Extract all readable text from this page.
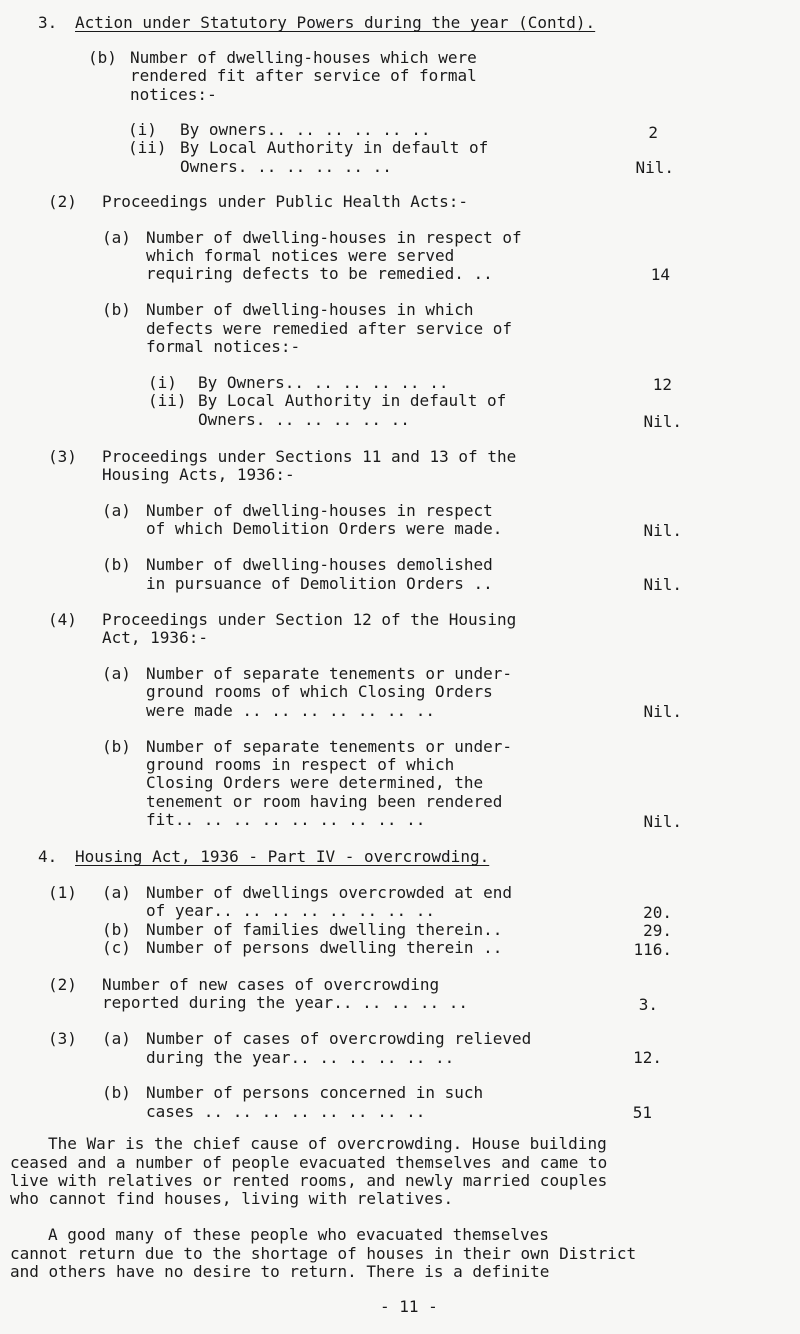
3. Action under Statutory Powers during the year (Contd).
(b) Number of dwelling-houses which were
rendered fit after service of formal
notices:-
(i) By owners.. .. .. .. .. ..	2
(ii) By Local Authority in default of
Owners. .. .. .. .. ..	Nil.
(2) Proceedings under Public Health Acts:-
(a) Number of dwelling-houses in respect of
which formal notices were served
requiring defects to be remedied. ..	14
(b) Number of dwelling-houses in which
defects were remedied after service of
formal notices:-
(i) By Owners.. .. .. .. .. ..	12
(ii) By Local Authority in default of
Owners. .. .. .. .. ..	Nil.
(3) Proceedings under Sections 11 and 13 of the
Housing Acts, 1936:-
(a) Number of dwelling-houses in respect
of which Demolition Orders were made.	Nil.
(b) Number of dwelling-houses demolished
in pursuance of Demolition Orders ..	Nil.
(4) Proceedings under Section 12 of the Housing
Act, 1936:-
(a) Number of separate tenements or under-
ground rooms of which Closing Orders
were made .. .. .. .. .. .. ..	Nil.
(b) Number of separate tenements or under-
ground rooms in respect of which
Closing Orders were determined, the
tenement or room having been rendered
fit.. .. .. .. .. .. .. .. ..	Nil.
4. Housing Act, 1936 - Part IV - overcrowding.
(1) (a) Number of dwellings overcrowded at end
of year.. .. .. .. .. .. .. ..	20.
(b) Number of families dwelling therein..	29.
(c) Number of persons dwelling therein ..	116.
(2) Number of new cases of overcrowding
reported during the year.. .. .. .. ..	3.
(3) (a) Number of cases of overcrowding relieved
during the year.. .. .. .. .. ..	12.
(b) Number of persons concerned in such
cases .. .. .. .. .. .. .. ..	51
The War is the chief cause of overcrowding. House building
ceased and a number of people evacuated themselves and came to
live with relatives or rented rooms, and newly married couples
who cannot find houses, living with relatives.
A good many of these people who evacuated themselves
cannot return due to the shortage of houses in their own District
and others have no desire to return. There is a definite
- 11 -
